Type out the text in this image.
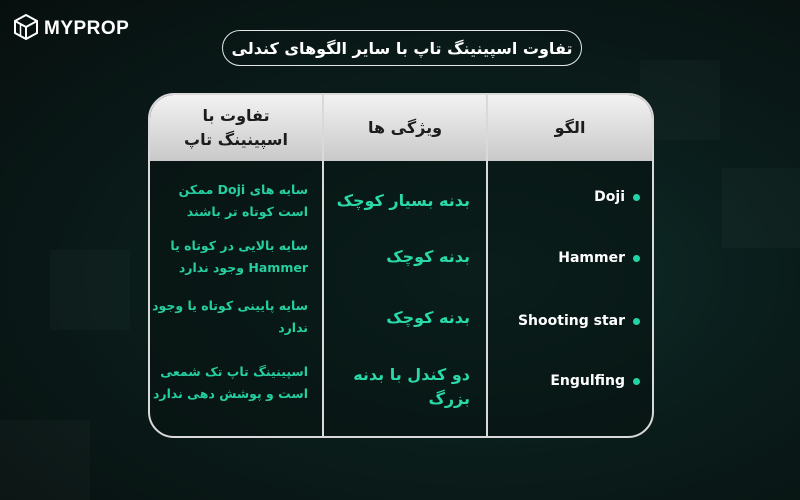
MYPROP
تفاوت اسپینینگ تاپ با سایر الگوهای کندلی
تفاوت با
اسپینینگ تاپ
ویژگی ها	الگو
Doji
بدنه بسیار کوچک
سایه های Doji ممکن است کوتاه تر باشند
Hammer
بدنه کوچک
سایه بالایی در کوتاه یا Hammer وجود ندارد
Shooting star
بدنه کوچک
سایه پایینی کوتاه یا وجود ندارد
Engulfing
دو کندل با بدنه بزرگ
اسپینینگ تاپ تک شمعی است و پوشش دهی ندارد
